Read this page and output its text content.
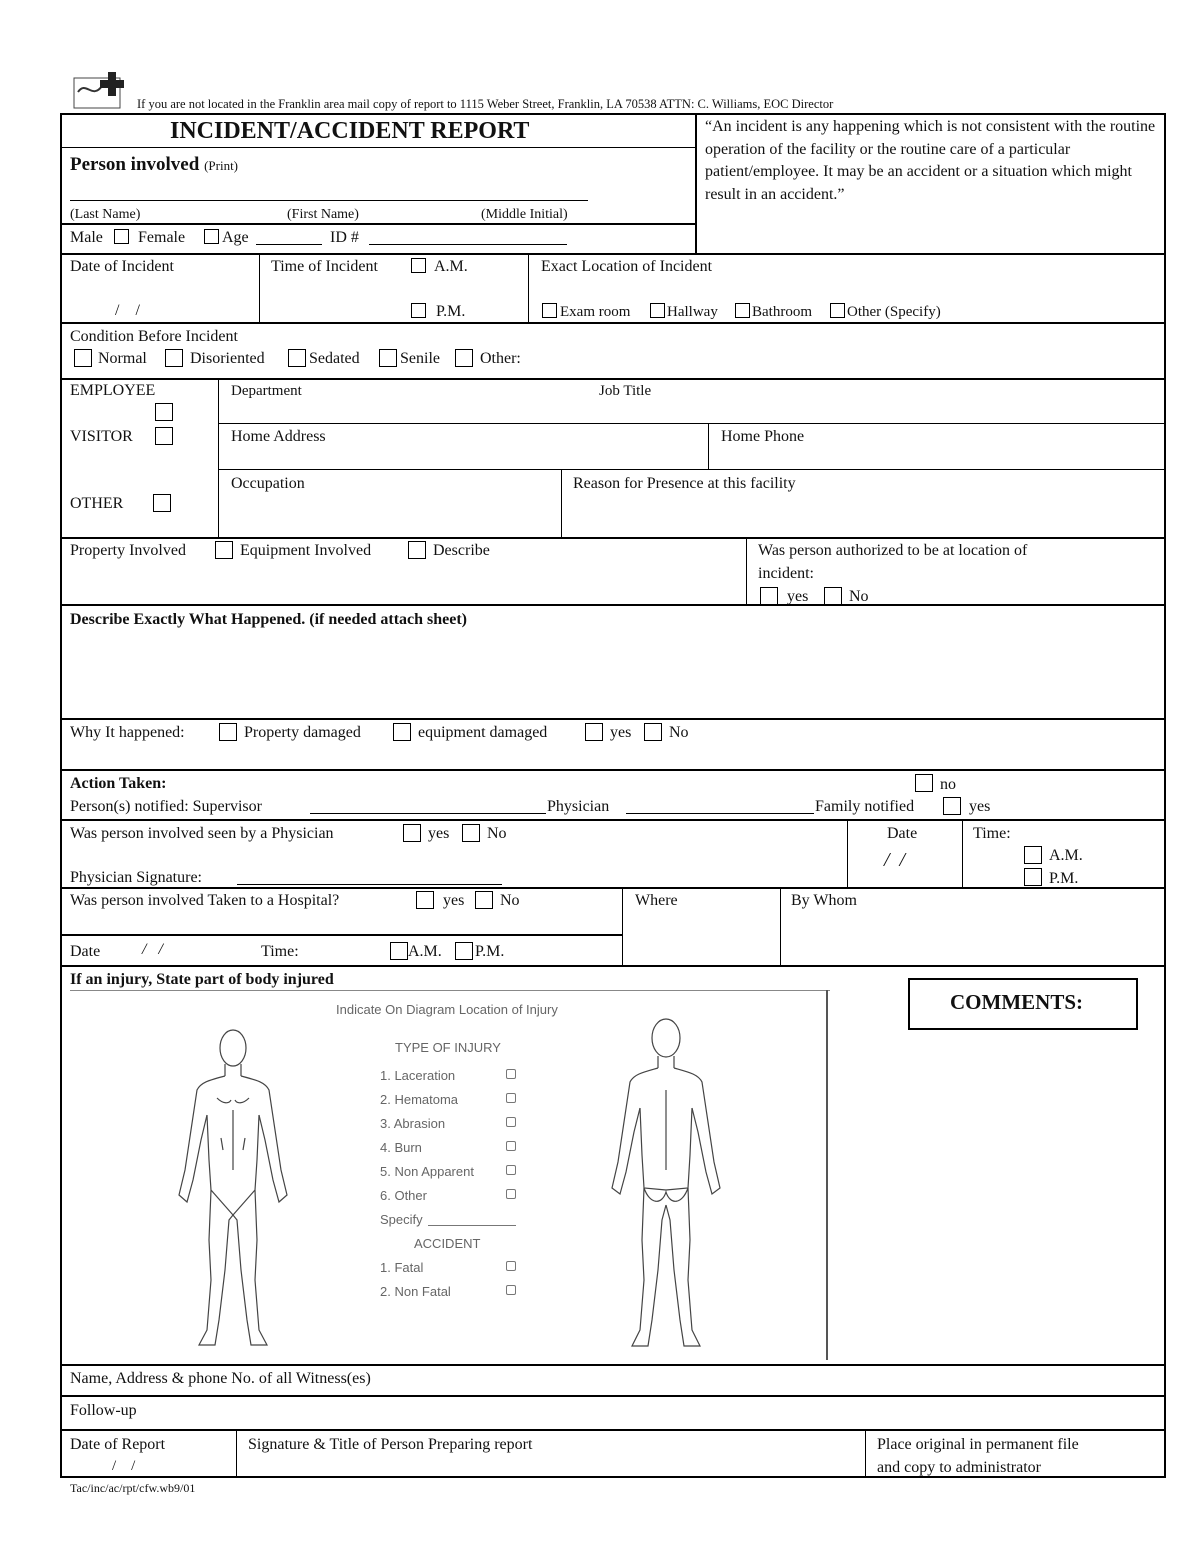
If you are not located in the Franklin area mail copy of report to 1115 Weber Street, Franklin, LA 70538 ATTN: C. Williams, EOC Director
INCIDENT/ACCIDENT REPORT	“An incident is any happening which is not consistent with the routine operation of the facility or the routine care of a particular patient/employee. It may be an accident or a situation which might result in an accident.”
Person involved (Print)
(Last Name)	(First Name)	(Middle Initial)
Male Female Age	ID #
Date of Incident
/    /
Time of Incident	A.M.
P.M.
Exact Location of Incident
Exam room Hallway Bathroom Other (Specify)
Condition Before Incident
Normal	Disoriented	Sedated	Senile	Other:
EMPLOYEE	Department	Job Title
VISITOR	Home Address	Home Phone
OTHER
Occupation	Reason for Presence at this facility
Property Involved	Equipment Involved	Describe	Was person authorized to be at location of
incident:
yes	No
Describe Exactly What Happened. (if needed attach sheet)
Why It happened:	Property damaged	equipment damaged	yes No
Action Taken:
Person(s) notified: Supervisor	Physician	Family notified	yes
no
Was person involved seen by a Physician	yes No
Physician Signature:
Date
/  /
Time:
A.M.
P.M.
Was person involved Taken to a Hospital?	yes No	Where	By Whom
Date	/   /	Time:	A.M. P.M.
If an injury, State part of body injured
COMMENTS:
Indicate On Diagram Location of Injury
TYPE OF INJURY
1. Laceration
2. Hematoma
3. Abrasion
4. Burn
5. Non Apparent
6. Other
Specify
ACCIDENT
1. Fatal
2. Non Fatal
Name, Address & phone No. of all Witness(es)
Follow-up
Date of Report
/    /
Signature & Title of Person Preparing report	Place original in permanent file
and copy to administrator
Tac/inc/ac/rpt/cfw.wb9/01
